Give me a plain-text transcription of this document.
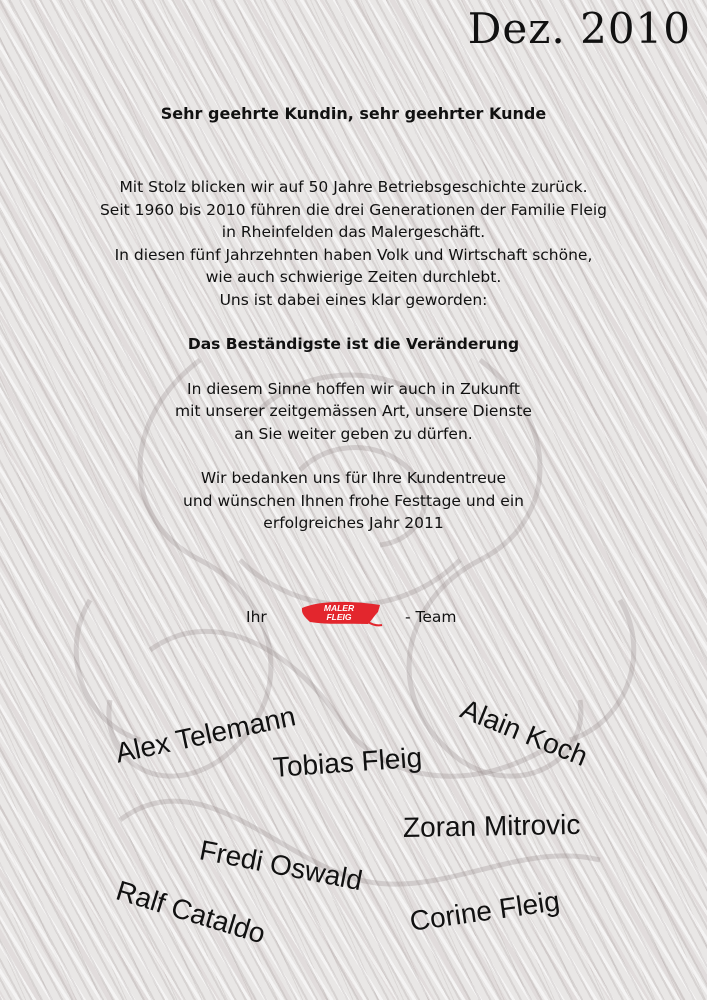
Dez. 2010
Sehr geehrte Kundin, sehr geehrter Kunde

Mit Stolz blicken wir auf 50 Jahre Betriebsgeschichte zurück.

Seit 1960 bis 2010 führen die drei Generationen der Familie Fleig

in Rheinfelden das Malergeschäft.

In diesen fünf Jahrzehnten haben Volk und Wirtschaft schöne,

wie auch schwierige Zeiten durchlebt.

Uns ist dabei eines klar geworden:

Das Beständigste ist die Veränderung

In diesem Sinne hoffen wir auch in Zukunft

mit unserer zeitgemässen Art, unsere Dienste

an Sie weiter geben zu dürfen.

Wir bedanken uns für Ihre Kundentreue

und wünschen Ihnen frohe Festtage und ein

erfolgreiches Jahr 2011

Ihr	MALER
FLEIG	- Team
Alex Telemann	Alain Koch
Tobias Fleig
Zoran Mitrovic
Fredi Oswald
Ralf Cataldo	Corine Fleig
